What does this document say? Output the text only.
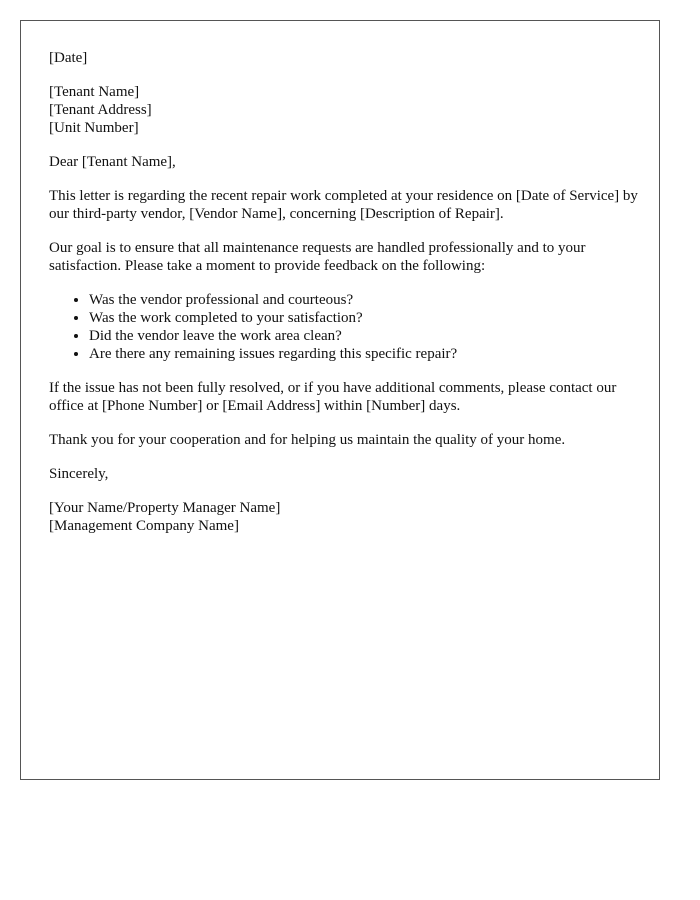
[Date]

[Tenant Name]
[Tenant Address]
[Unit Number]

Dear [Tenant Name],

This letter is regarding the recent repair work completed at your residence on [Date of Service] by our third-party vendor, [Vendor Name], concerning [Description of Repair].

Our goal is to ensure that all maintenance requests are handled professionally and to your satisfaction. Please take a moment to provide feedback on the following:

• Was the vendor professional and courteous?
• Was the work completed to your satisfaction?
• Did the vendor leave the work area clean?
• Are there any remaining issues regarding this specific repair?

If the issue has not been fully resolved, or if you have additional comments, please contact our office at [Phone Number] or [Email Address] within [Number] days.

Thank you for your cooperation and for helping us maintain the quality of your home.

Sincerely,

[Your Name/Property Manager Name]
[Management Company Name]
